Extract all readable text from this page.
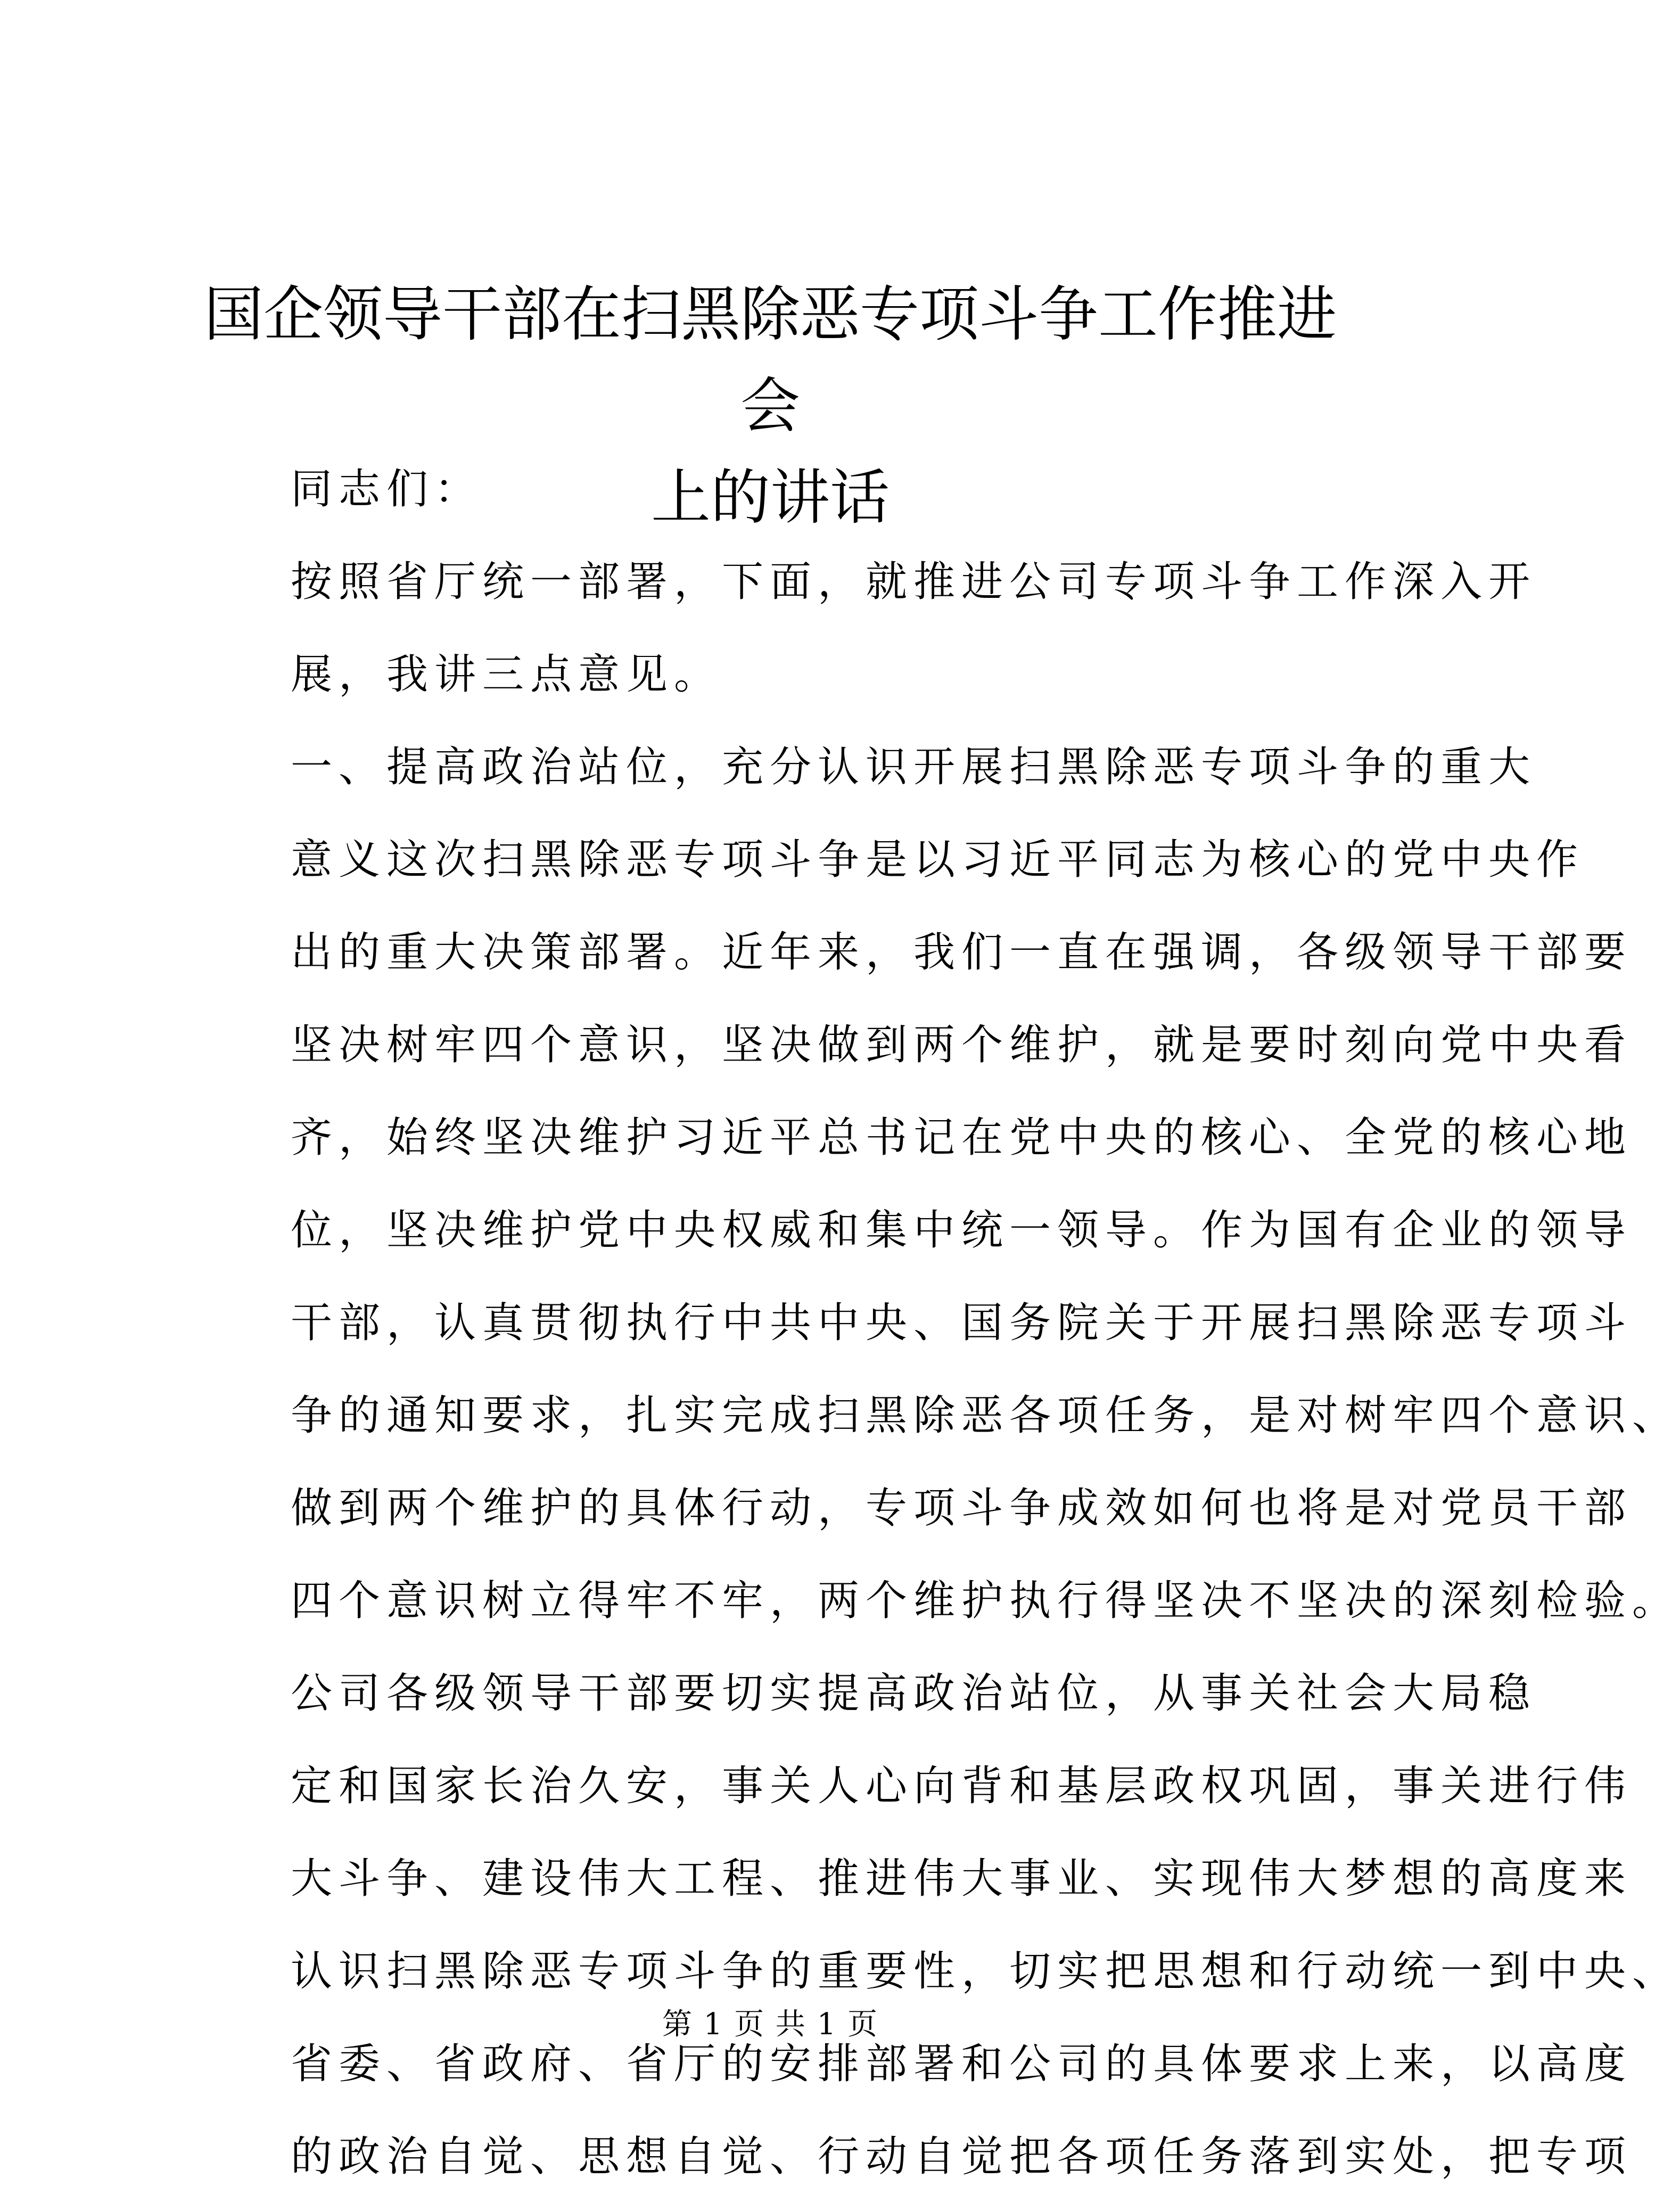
国企领导干部在扫黑除恶专项斗争工作推进会
上的讲话

同志们：

按照省厅统一部署，下面，就推进公司专项斗争工作深入开
展，我讲三点意见。

一、提高政治站位，充分认识开展扫黑除恶专项斗争的重大
意义这次扫黑除恶专项斗争是以习近平同志为核心的党中央作
出的重大决策部署。近年来，我们一直在强调，各级领导干部要
坚决树牢四个意识，坚决做到两个维护，就是要时刻向党中央看
齐，始终坚决维护习近平总书记在党中央的核心、全党的核心地
位，坚决维护党中央权威和集中统一领导。作为国有企业的领导
干部，认真贯彻执行中共中央、国务院关于开展扫黑除恶专项斗
争的通知要求，扎实完成扫黑除恶各项任务，是对树牢四个意识、
做到两个维护的具体行动，专项斗争成效如何也将是对党员干部
四个意识树立得牢不牢，两个维护执行得坚决不坚决的深刻检验。

公司各级领导干部要切实提高政治站位，从事关社会大局稳
定和国家长治久安，事关人心向背和基层政权巩固，事关进行伟
大斗争、建设伟大工程、推进伟大事业、实现伟大梦想的高度来
认识扫黑除恶专项斗争的重要性，切实把思想和行动统一到中央、
省委、省政府、省厅的安排部署和公司的具体要求上来，以高度
的政治自觉、思想自觉、行动自觉把各项任务落到实处，把专项

第 1 页 共 1 页
